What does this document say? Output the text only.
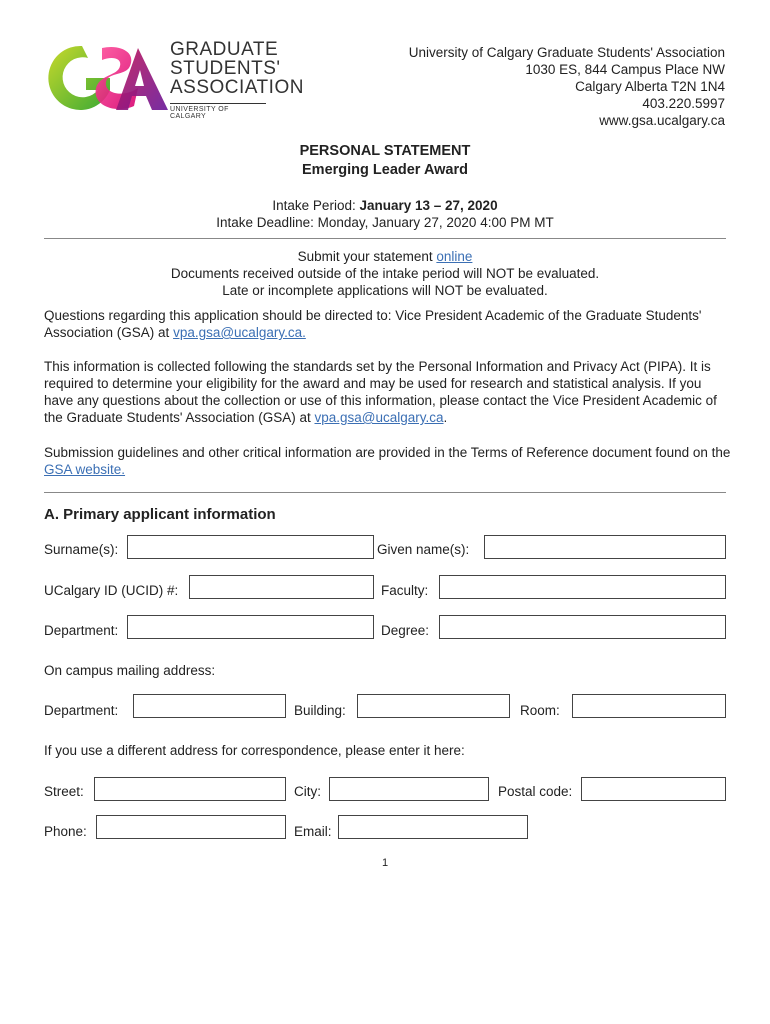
GRADUATE
STUDENTS'
ASSOCIATION
UNIVERSITY OF CALGARY
University of Calgary Graduate Students' Association
1030 ES, 844 Campus Place NW
Calgary Alberta T2N 1N4
403.220.5997
www.gsa.ucalgary.ca
PERSONAL STATEMENT
Emerging Leader Award
Intake Period: January 13 – 27, 2020
Intake Deadline: Monday, January 27, 2020 4:00 PM MT
Submit your statement online
Documents received outside of the intake period will NOT be evaluated.
Late or incomplete applications will NOT be evaluated.
Questions regarding this application should be directed to: Vice President Academic of the Graduate Students' Association (GSA) at vpa.gsa@ucalgary.ca.
This information is collected following the standards set by the Personal Information and Privacy Act (PIPA). It is required to determine your eligibility for the award and may be used for research and statistical analysis. If you have any questions about the collection or use of this information, please contact the Vice President Academic of the Graduate Students' Association (GSA) at vpa.gsa@ucalgary.ca.
Submission guidelines and other critical information are provided in the Terms of Reference document found on the GSA website.
A. Primary applicant information
Surname(s):	Given name(s):
UCalgary ID (UCID) #:	Faculty:
Department:	Degree:
On campus mailing address:
Department:	Building:	Room:
If you use a different address for correspondence, please enter it here:
Street:	City:	Postal code:
Phone:	Email:
1
